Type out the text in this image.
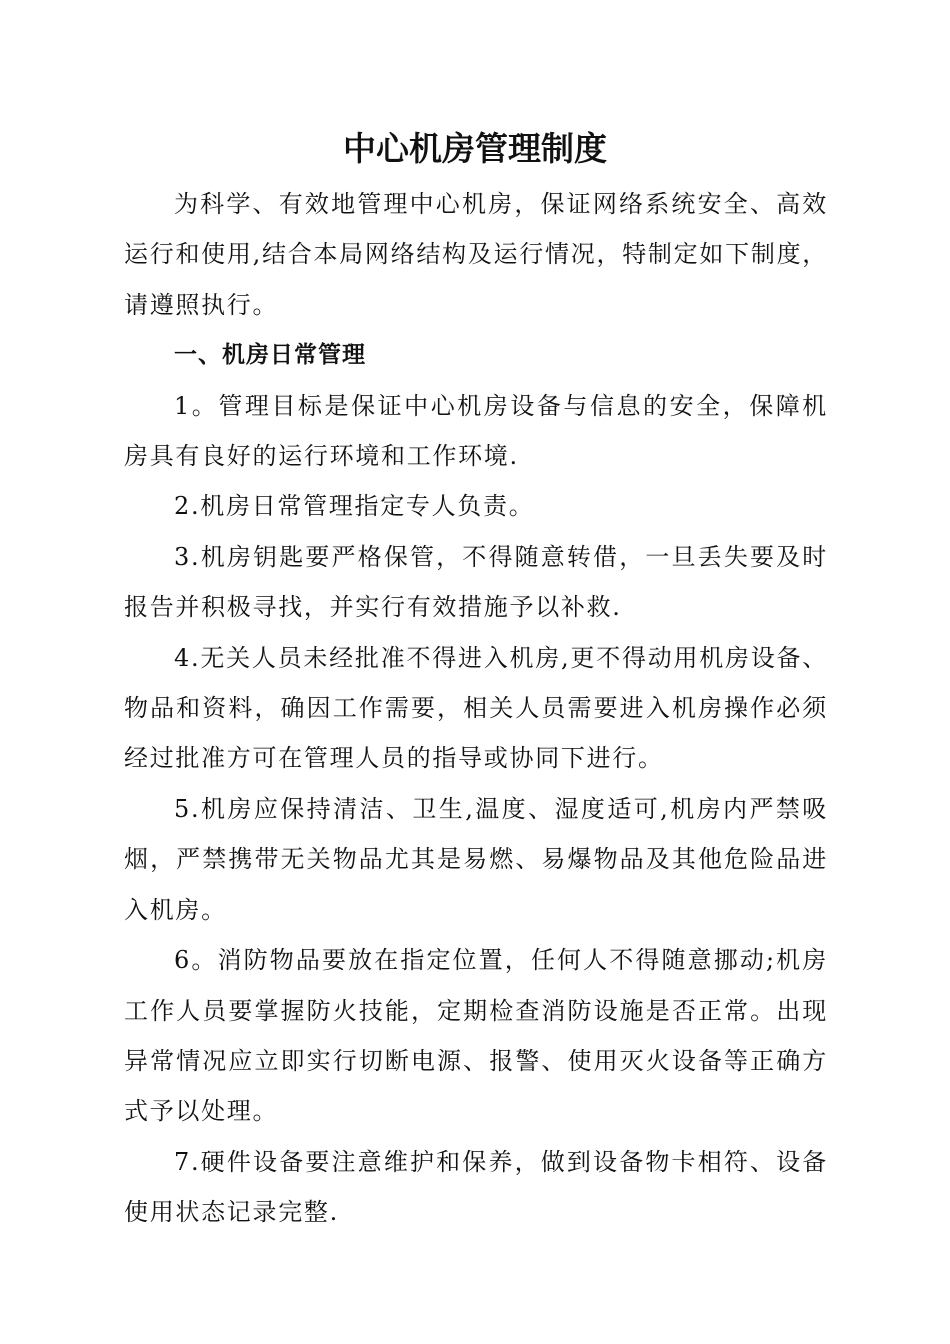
中心机房管理制度

为科学、有效地管理中心机房，保证网络系统安全、高效运行和使用,结合本局网络结构及运行情况，特制定如下制度，请遵照执行。

一、机房日常管理

1。管理目标是保证中心机房设备与信息的安全，保障机房具有良好的运行环境和工作环境.

2.机房日常管理指定专人负责。

3.机房钥匙要严格保管，不得随意转借，一旦丢失要及时报告并积极寻找，并实行有效措施予以补救.

4.无关人员未经批准不得进入机房,更不得动用机房设备、物品和资料，确因工作需要，相关人员需要进入机房操作必须经过批准方可在管理人员的指导或协同下进行。

5.机房应保持清洁、卫生,温度、湿度适可,机房内严禁吸烟，严禁携带无关物品尤其是易燃、易爆物品及其他危险品进入机房。

6。消防物品要放在指定位置，任何人不得随意挪动;机房工作人员要掌握防火技能，定期检查消防设施是否正常。出现异常情况应立即实行切断电源、报警、使用灭火设备等正确方式予以处理。

7.硬件设备要注意维护和保养，做到设备物卡相符、设备使用状态记录完整.
